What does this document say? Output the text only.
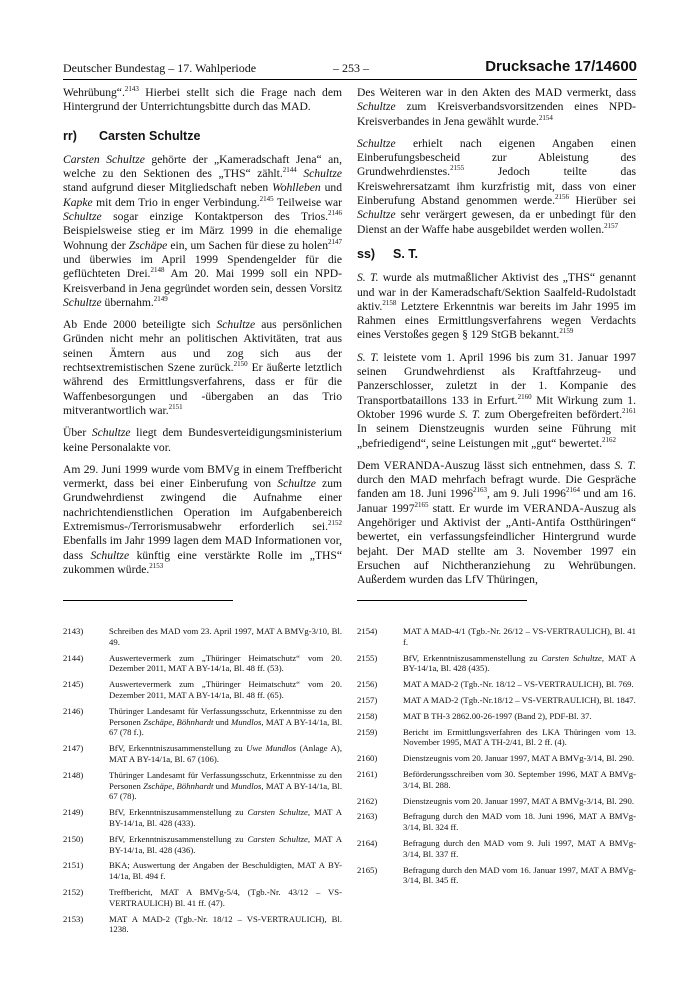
Deutscher Bundestag – 17. Wahlperiode	– 253 –	Drucksache 17/14600

Wehrübung“.$^{2143}$ Hierbei stellt sich die Frage nach dem Hintergrund der Unterrichtungsbitte durch das MAD.

rr) Carsten Schultze

Carsten Schultze gehörte der „Kameradschaft Jena“ an, welche zu den Sektionen des „THS“ zählt.$^{2144}$ Schultze stand aufgrund dieser Mitgliedschaft neben Wohlleben und Kapke mit dem Trio in enger Verbindung.$^{2145}$ Teilweise war Schultze sogar einzige Kontaktperson des Trios.$^{2146}$ Beispielsweise stieg er im März 1999 in die ehemalige Wohnung der Zschäpe ein, um Sachen für diese zu holen$^{2147}$ und überwies im April 1999 Spendengelder für die geflüchteten Drei.$^{2148}$ Am 20. Mai 1999 soll ein NPD-Kreisverband in Jena gegründet worden sein, dessen Vorsitz Schultze übernahm.$^{2149}$

Ab Ende 2000 beteiligte sich Schultze aus persönlichen Gründen nicht mehr an politischen Aktivitäten, trat aus seinen Ämtern aus und zog sich aus der rechtsextremistischen Szene zurück.$^{2150}$ Er äußerte letztlich während des Ermittlungsverfahrens, dass er für die Waffenbesorgungen und -übergaben an das Trio mitverantwortlich war.$^{2151}$

Über Schultze liegt dem Bundesverteidigungsministerium keine Personalakte vor.

Am 29. Juni 1999 wurde vom BMVg in einem Treffbericht vermerkt, dass bei einer Einberufung von Schultze zum Grundwehrdienst zwingend die Aufnahme einer nachrichtendienstlichen Operation im Aufgabenbereich Extremismus-/Terrorismusabwehr erforderlich sei.$^{2152}$ Ebenfalls im Jahr 1999 lagen dem MAD Informationen vor, dass Schultze künftig eine verstärkte Rolle im „THS“ zukommen würde.$^{2153}$

Des Weiteren war in den Akten des MAD vermerkt, dass Schultze zum Kreisverbandsvorsitzenden eines NPD-Kreisverbandes in Jena gewählt wurde.$^{2154}$

Schultze erhielt nach eigenen Angaben einen Einberufungsbescheid zur Ableistung des Grundwehrdienstes.$^{2155}$ Jedoch teilte das Kreiswehrersatzamt ihm kurzfristig mit, dass von einer Einberufung Abstand genommen werde.$^{2156}$ Hierüber sei Schultze sehr verärgert gewesen, da er unbedingt für den Dienst an der Waffe habe ausgebildet werden wollen.$^{2157}$

ss) S. T.

S. T. wurde als mutmaßlicher Aktivist des „THS“ genannt und war in der Kameradschaft/Sektion Saalfeld-Rudolstadt aktiv.$^{2158}$ Letztere Erkenntnis war bereits im Jahr 1995 im Rahmen eines Ermittlungsverfahrens wegen Verdachts eines Verstoßes gegen § 129 StGB bekannt.$^{2159}$

S. T. leistete vom 1. April 1996 bis zum 31. Januar 1997 seinen Grundwehrdienst als Kraftfahrzeug- und Panzerschlosser, zuletzt in der 1. Kompanie des Transportbataillons 133 in Erfurt.$^{2160}$ Mit Wirkung zum 1. Oktober 1996 wurde S. T. zum Obergefreiten befördert.$^{2161}$ In seinem Dienstzeugnis wurden seine Führung mit „befriedigend“, seine Leistungen mit „gut“ bewertet.$^{2162}$

Dem VERANDA-Auszug lässt sich entnehmen, dass S. T. durch den MAD mehrfach befragt wurde. Die Gespräche fanden am 18. Juni $1996^{2163}$, am 9. Juli $1996^{2164}$ und am 16. Januar $1997^{2165}$ statt. Er wurde im VERANDA-Auszug als Angehöriger und Aktivist der „Anti-Antifa Ostthüringen“ bewertet, ein verfassungsfeindlicher Hintergrund wurde bejaht. Der MAD stellte am 3. November 1997 ein Ersuchen auf Nichtheranziehung zu Wehrübungen. Außerdem wurden das LfV Thüringen,

2143)	Schreiben des MAD vom 23. April 1997, MAT A BMVg-3/10, Bl. 49.
2144)	Auswertevermerk zum „Thüringer Heimatschutz“ vom 20. Dezember 2011, MAT A BY-14/1a, Bl. 48 ff. (53).
2145)	Auswertevermerk zum „Thüringer Heimatschutz“ vom 20. Dezember 2011, MAT A BY-14/1a, Bl. 48 ff. (65).
2146)	Thüringer Landesamt für Verfassungsschutz, Erkenntnisse zu den Personen Zschäpe, Böhnhardt und Mundlos, MAT A BY-14/1a, Bl. 67 (78 f.).
2147)	BfV, Erkenntniszusammenstellung zu Uwe Mundlos (Anlage A), MAT A BY-14/1a, Bl. 67 (106).
2148)	Thüringer Landesamt für Verfassungsschutz, Erkenntnisse zu den Personen Zschäpe, Böhnhardt und Mundlos, MAT A BY-14/1a, Bl. 67 (78).
2149)	BfV, Erkenntniszusammenstellung zu Carsten Schultze, MAT A BY-14/1a, Bl. 428 (433).
2150)	BfV, Erkenntniszusammenstellung zu Carsten Schultze, MAT A BY-14/1a, Bl. 428 (436).
2151)	BKA; Auswertung der Angaben der Beschuldigten, MAT A BY-14/1a, Bl. 494 f.
2152)	Treffbericht, MAT A BMVg-5/4, (Tgb.-Nr. 43/12 – VS-VERTRAULICH) Bl. 41 ff. (47).
2153)	MAT A MAD-2 (Tgb.-Nr. 18/12 – VS-VERTRAULICH), Bl. 1238.
2154)	MAT A MAD-4/1 (Tgb.-Nr. 26/12 – VS-VERTRAULICH), Bl. 41 f.
2155)	BfV, Erkenntniszusammenstellung zu Carsten Schultze, MAT A BY-14/1a, Bl. 428 (435).
2156)	MAT A MAD-2 (Tgb.-Nr. 18/12 – VS-VERTRAULICH), Bl. 769.
2157)	MAT A MAD-2 (Tgb.-Nr.18/12 – VS-VERTRAULICH), Bl. 1847.
2158)	MAT B TH-3 2862.00-26-1997 (Band 2), PDF-Bl. 37.
2159)	Bericht im Ermittlungsverfahren des LKA Thüringen vom 13. November 1995, MAT A TH-2/41, Bl. 2 ff. (4).
2160)	Dienstzeugnis vom 20. Januar 1997, MAT A BMVg-3/14, Bl. 290.
2161)	Beförderungsschreiben vom 30. September 1996, MAT A BMVg-3/14, Bl. 288.
2162)	Dienstzeugnis vom 20. Januar 1997, MAT A BMVg-3/14, Bl. 290.
2163)	Befragung durch den MAD vom 18. Juni 1996, MAT A BMVg-3/14, Bl. 324 ff.
2164)	Befragung durch den MAD vom 9. Juli 1997, MAT A BMVg-3/14, Bl. 337 ff.
2165)	Befragung durch den MAD vom 16. Januar 1997, MAT A BMVg-3/14, Bl. 345 ff.
